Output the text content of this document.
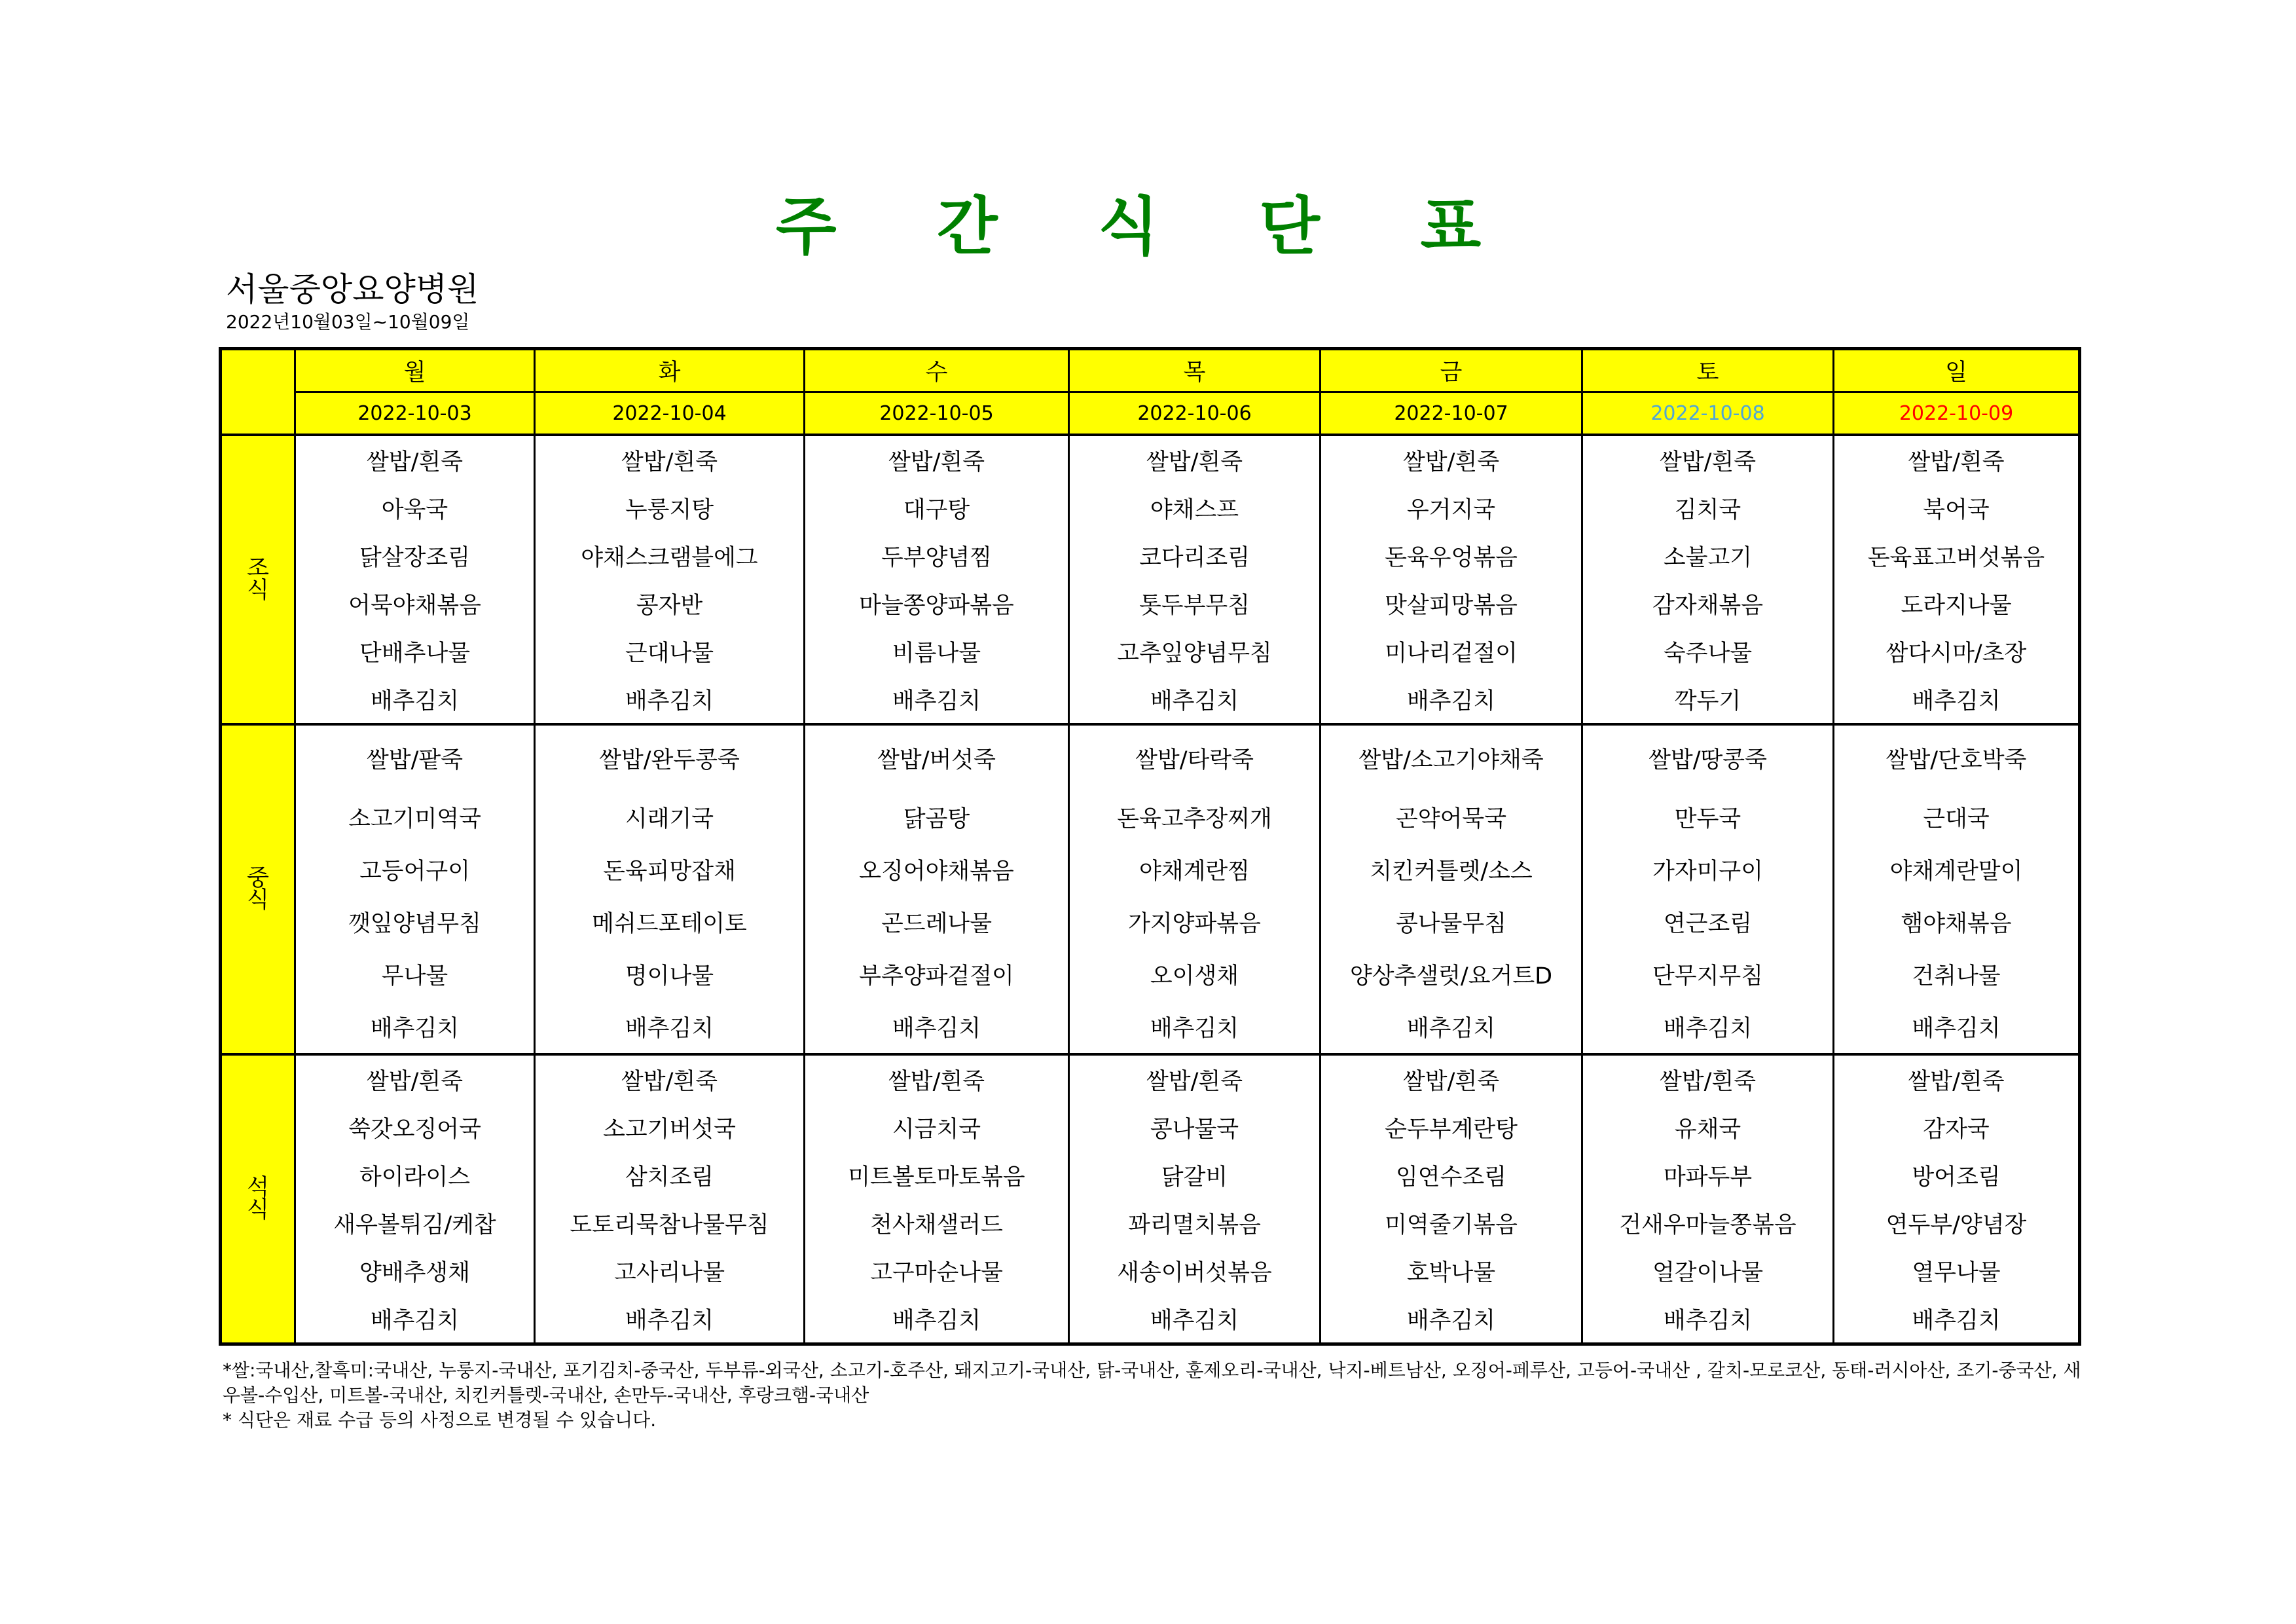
주 간 식 단 표
서울중앙요양병원
2022년10월03일~10월09일
	월	화	수	목	금	토	일
	2022-10-03	2022-10-04	2022-10-05	2022-10-06	2022-10-07	2022-10-08	2022-10-09
조식	쌀밥/흰죽	쌀밥/흰죽	쌀밥/흰죽	쌀밥/흰죽	쌀밥/흰죽	쌀밥/흰죽	쌀밥/흰죽
	아욱국	누룽지탕	대구탕	야채스프	우거지국	김치국	북어국
	닭살장조림	야채스크램블에그	두부양념찜	코다리조림	돈육우엉볶음	소불고기	돈육표고버섯볶음
	어묵야채볶음	콩자반	마늘쫑양파볶음	톳두부무침	맛살피망볶음	감자채볶음	도라지나물
	단배추나물	근대나물	비름나물	고추잎양념무침	미나리겉절이	숙주나물	쌈다시마/초장
	배추김치	배추김치	배추김치	배추김치	배추김치	깍두기	배추김치
중식	쌀밥/팥죽	쌀밥/완두콩죽	쌀밥/버섯죽	쌀밥/타락죽	쌀밥/소고기야채죽	쌀밥/땅콩죽	쌀밥/단호박죽
	소고기미역국	시래기국	닭곰탕	돈육고추장찌개	곤약어묵국	만두국	근대국
	고등어구이	돈육피망잡채	오징어야채볶음	야채계란찜	치킨커틀렛/소스	가자미구이	야채계란말이
	깻잎양념무침	메쉬드포테이토	곤드레나물	가지양파볶음	콩나물무침	연근조림	햄야채볶음
	무나물	명이나물	부추양파겉절이	오이생채	양상추샐럿/요거트D	단무지무침	건취나물
	배추김치	배추김치	배추김치	배추김치	배추김치	배추김치	배추김치
석식	쌀밥/흰죽	쌀밥/흰죽	쌀밥/흰죽	쌀밥/흰죽	쌀밥/흰죽	쌀밥/흰죽	쌀밥/흰죽
	쑥갓오징어국	소고기버섯국	시금치국	콩나물국	순두부계란탕	유채국	감자국
	하이라이스	삼치조림	미트볼토마토볶음	닭갈비	임연수조림	마파두부	방어조림
	새우볼튀김/케찹	도토리묵참나물무침	천사채샐러드	꽈리멸치볶음	미역줄기볶음	건새우마늘쫑볶음	연두부/양념장
	양배추생채	고사리나물	고구마순나물	새송이버섯볶음	호박나물	얼갈이나물	열무나물
	배추김치	배추김치	배추김치	배추김치	배추김치	배추김치	배추김치
*쌀:국내산,찰흑미:국내산, 누룽지-국내산, 포기김치-중국산, 두부류-외국산, 소고기-호주산, 돼지고기-국내산, 닭-국내산, 훈제오리-국내산, 낙지-베트남산, 오징어-페루산, 고등어-국내산 , 갈치-모로코산, 동태-러시아산, 조기-중국산, 새우볼-수입산, 미트볼-국내산, 치킨커틀렛-국내산, 손만두-국내산, 후랑크햄-국내산
* 식단은 재료 수급 등의 사정으로 변경될 수 있습니다.
